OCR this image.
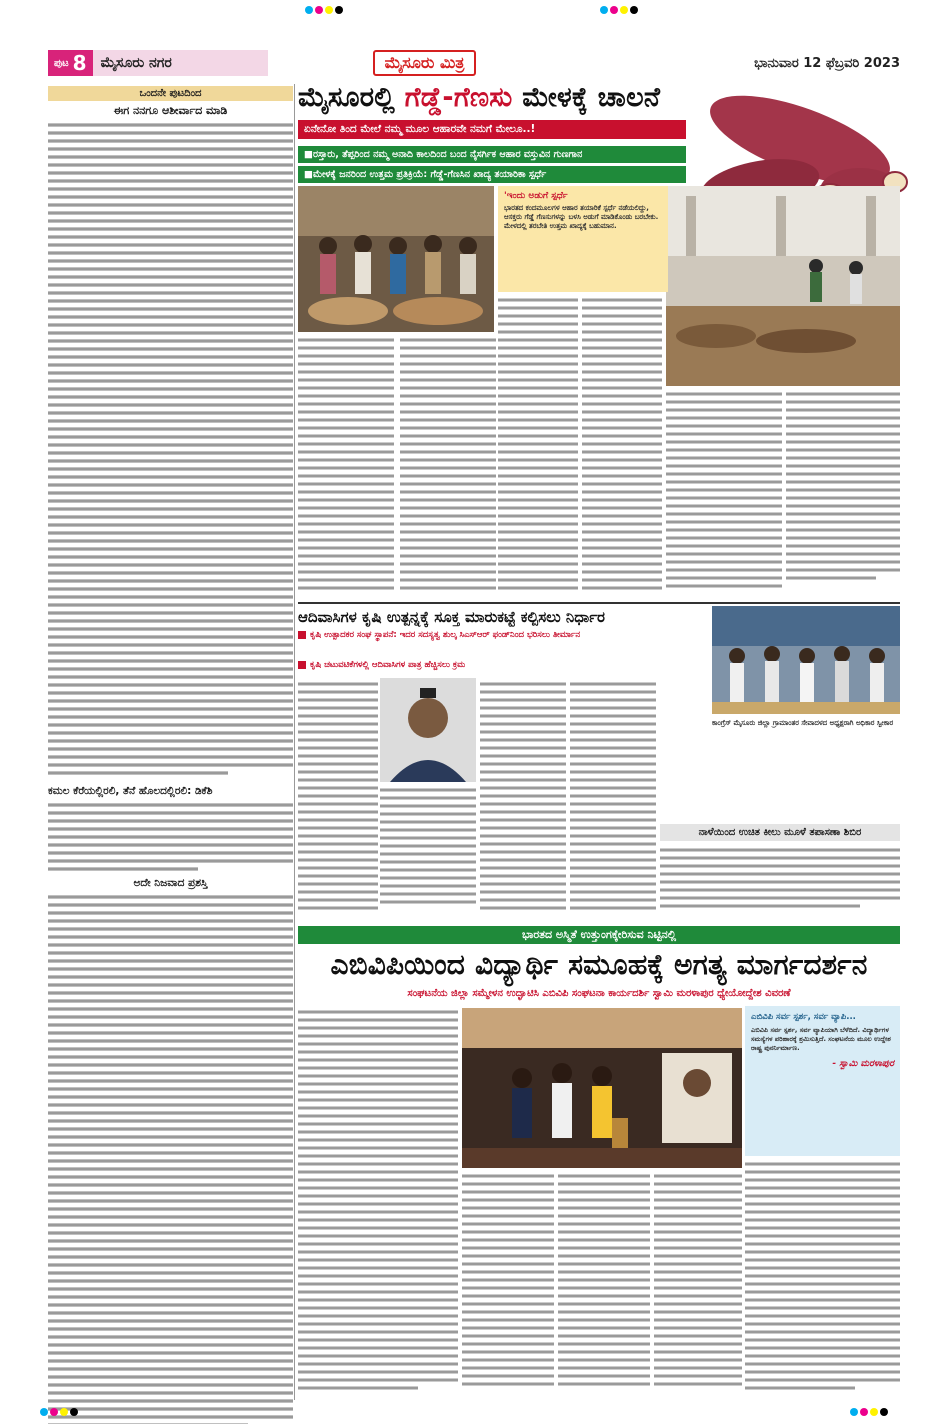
ಪುಟ 8	ಮೈಸೂರು ನಗರ	ಮೈಸೂರು ಮಿತ್ರ	ಭಾನುವಾರ 12 ಫೆಬ್ರವರಿ 2023
ಒಂದನೇ ಪುಟದಿಂದ
ಈಗ ನನಗೂ ಆಶೀರ್ವಾದ ಮಾಡಿ
ಕಮಲ ಕೆರೆಯಲ್ಲಿರಲಿ, ತೆನೆ ಹೊಲದಲ್ಲಿರಲಿ: ಡಿಕೆಶಿ
ಅದೇ ನಿಜವಾದ ಪ್ರಶಸ್ತಿ
ಮೈಸೂರಲ್ಲಿ ಗೆಡ್ಡೆ-ಗೆಣಸು ಮೇಳಕ್ಕೆ ಚಾಲನೆ
ಏನೇನೋ ತಿಂದ ಮೇಲೆ ನಮ್ಮ ಮೂಲ ಆಹಾರವೇ ನಮಗೆ ಮೇಲೂ..!
■ರಸ್ತಾರು, ತೆಪ್ಪರಿಂದ ನಮ್ಮ ಅನಾದಿ ಕಾಲದಿಂದ ಬಂದ ನೈಸರ್ಗಿಕ ಆಹಾರ ವಸ್ತುವಿನ ಗುಣಗಾನ
■ಮೇಳಕ್ಕೆ ಜನರಿಂದ ಉತ್ತಮ ಪ್ರತಿಕ್ರಿಯೆ: ಗೆಡ್ಡೆ-ಗೆಣಸಿನ ಖಾದ್ಯ ತಯಾರಿಕಾ ಸ್ಪರ್ಧೆ
'ಇಂದು ಅಡುಗೆ ಸ್ಪರ್ಧೆ
ಭಾರತದ ಕಂದಮೂಲಗಳ ಆಹಾರ ತಯಾರಿಕೆ ಸ್ಪರ್ಧೆ ನಡೆಯಲಿದ್ದು, ಆಸಕ್ತರು ಗೆಡ್ಡೆ ಗೆಣಸುಗಳನ್ನು ಬಳಸಿ ಅಡುಗೆ ಮಾಡಿಕೊಂಡು ಬರಬೇಕು. ಮೇಳದಲ್ಲಿ ತರಬೇತಿ ಉತ್ತಮ ಖಾದ್ಯಕ್ಕೆ ಬಹುಮಾನ.
ಆದಿವಾಸಿಗಳ ಕೃಷಿ ಉತ್ಪನ್ನಕ್ಕೆ ಸೂಕ್ತ ಮಾರುಕಟ್ಟೆ ಕಲ್ಪಿಸಲು ನಿರ್ಧಾರ
ಕೃಷಿ ಉತ್ಪಾದಕರ ಸಂಘ ಸ್ಥಾಪನೆ: ಇದರ ಸದಸ್ಯತ್ವ ಶುಲ್ಕ ಸಿಎಸ್ಆರ್ ಫಂಡ್‌ನಿಂದ ಭರಿಸಲು ತೀರ್ಮಾನ
ಕೃಷಿ ಚಟುವಟಿಕೆಗಳಲ್ಲಿ ಆದಿವಾಸಿಗಳ ಪಾತ್ರ ಹೆಚ್ಚಿಸಲು ಕ್ರಮ
ಕಾಂಗ್ರೆಸ್ ಮೈಸೂರು ಜಿಲ್ಲಾ ಗ್ರಾಮಾಂತರ ಸೇವಾದಳದ ಅಧ್ಯಕ್ಷರಾಗಿ ಅಧಿಕಾರ ಸ್ವೀಕಾರ
ನಾಳೆಯಿಂದ ಉಚಿತ ಕೀಲು ಮೂಳೆ ತಪಾಸಣಾ ಶಿಬಿರ
ಭಾರತದ ಅಸ್ಮಿತೆ ಉತ್ತುಂಗಕ್ಕೇರಿಸುವ ನಿಟ್ಟಿನಲ್ಲಿ
ಎಬಿವಿಪಿಯಿಂದ ವಿದ್ಯಾರ್ಥಿ ಸಮೂಹಕ್ಕೆ ಅಗತ್ಯ ಮಾರ್ಗದರ್ಶನ
ಸಂಘಟನೆಯ ಜಿಲ್ಲಾ ಸಮ್ಮೇಳನ ಉದ್ಘಾಟಿಸಿ ಎಬಿವಿಪಿ ಸಂಘಟನಾ ಕಾರ್ಯದರ್ಶಿ ಸ್ವಾಮಿ ಮರಳಾಪುರ ಧ್ಯೇಯೋದ್ದೇಶ ವಿವರಣೆ
ಎಬಿವಿಪಿ ಸರ್ವ ಸ್ಪರ್ಶ, ಸರ್ವ ವ್ಯಾಪಿ...
ಎಬಿವಿಪಿ ಸರ್ವ ಸ್ಪರ್ಶ, ಸರ್ವ ವ್ಯಾಪಿಯಾಗಿ ಬೆಳೆದಿದೆ. ವಿದ್ಯಾರ್ಥಿಗಳ ಸಮಸ್ಯೆಗಳ ಪರಿಹಾರಕ್ಕೆ ಶ್ರಮಿಸುತ್ತಿದೆ. ಸಂಘಟನೆಯ ಮೂಲ ಉದ್ದೇಶ ರಾಷ್ಟ್ರ ಪುನರ್ನಿರ್ಮಾಣ.
- ಸ್ವಾಮಿ ಮರಳಾಪುರ
